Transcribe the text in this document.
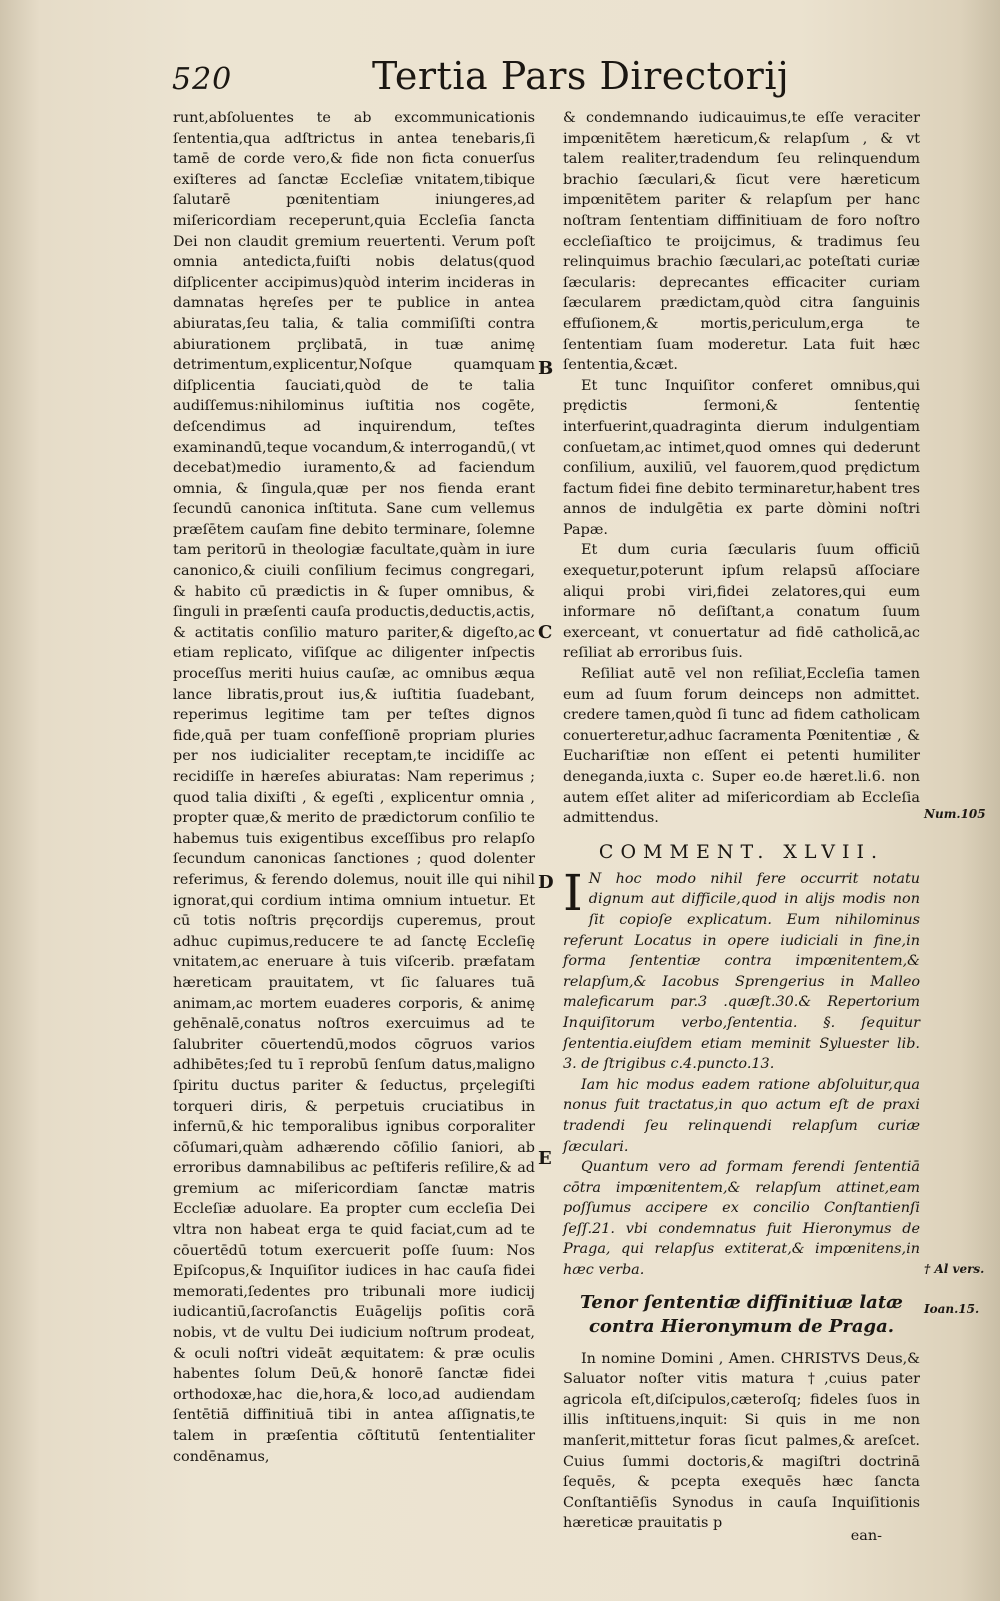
520	Tertia Pars Directorij

runt,abſoluentes te ab excommunicationis ſententia,qua adſtrictus in antea tenebaris,ſi tamē de corde vero,& fide non ficta conuerſus exiſteres ad ſanctæ Eccleſiæ vnitatem,tibique ſalutarē pœnitentiam iniungeres,ad miſericordiam receperunt,quia Eccleſia ſancta Dei non claudit gremium reuertenti. Verum poſt omnia antedicta,fuiſti nobis delatus(quod diſplicenter accipimus)quòd interim incideras in damnatas hęreſes per te publice in antea abiuratas,ſeu talia, & talia commiſiſti contra abiurationem prçlibatā, in tuæ animę detrimentum,explicentur,Noſque quamquam diſplicentia ſauciati,quòd de te talia audiſſemus:nihilominus iuſtitia nos cogēte, deſcendimus ad inquirendum, teſtes examinandū,teque vocandum,& interrogandū,( vt decebat)medio iuramento,& ad faciendum omnia, & ſingula,quæ per nos fienda erant ſecundū canonica inſtituta. Sane cum vellemus præſētem cauſam fine debito terminare, ſolemne tam peritorū in theologiæ facultate,quàm in iure canonico,& ciuili conſilium fecimus congregari, & habito cū prædictis in & ſuper omnibus, & ſinguli in præſenti cauſa productis,deductis,actis, & actitatis conſilio maturo pariter,& digeſto,ac etiam replicato, viſiſque ac diligenter inſpectis proceſſus meriti huius cauſæ, ac omnibus æqua lance libratis,prout ius,& iuſtitia ſuadebant, reperimus legitime tam per teſtes dignos fide,quā per tuam confeſſionē propriam pluries per nos iudicialiter receptam,te incidiſſe ac recidiſſe in hæreſes abiuratas: Nam reperimus ; quod talia dixiſti , & egeſti , explicentur omnia , propter quæ,& merito de prædictorum conſilio te habemus tuis exigentibus exceſſibus pro relapſo ſecundum canonicas ſanctiones ; quod dolenter referimus, & ferendo dolemus, nouit ille qui nihil ignorat,qui cordium intima omnium intuetur. Et cū totis noſtris pręcordijs cuperemus, prout adhuc cupimus,reducere te ad ſanctę Eccleſię vnitatem,ac eneruare à tuis viſcerib. præfatam hæreticam prauitatem, vt ſic ſaluares tuā animam,ac mortem euaderes corporis, & animę gehēnalē,conatus noſtros exercuimus ad te ſalubriter cōuertendū,modos cōgruos varios adhibētes;ſed tu ī reprobū ſenſum datus,maligno ſpiritu ductus pariter & ſeductus, prçelegiſti torqueri diris, & perpetuis cruciatibus in infernū,& hic temporalibus ignibus corporaliter cōſumari,quàm adhærendo cōſilio ſaniori, ab erroribus damnabilibus ac peſtiferis reſilire,& ad gremium ac miſericordiam ſanctæ matris Eccleſiæ aduolare. Ea propter cum eccleſia Dei vltra non habeat erga te quid faciat,cum ad te cōuertēdū totum exercuerit poſſe ſuum: Nos Epiſcopus,& Inquiſitor iudices in hac cauſa fidei memorati,ſedentes pro tribunali more iudicij iudicantiū,ſacroſanctis Euāgelijs poſitis corā nobis, vt de vultu Dei iudicium noſtrum prodeat, & oculi noſtri videāt æquitatem: & præ oculis habentes ſolum Deū,& honorē ſanctæ fidei orthodoxæ,hac die,hora,& loco,ad audiendam ſentētiā diffinitiuā tibi in antea aſſignatis,te talem in præſentia cōſtitutū ſententialiter condēnamus,

B
C
D
E

& condemnando iudicauimus,te eſſe veraciter impœnitētem hæreticum,& relapſum , & vt talem realiter,tradendum ſeu relinquendum brachio ſæculari,& ſicut vere hæreticum impœnitētem pariter & relapſum per hanc noſtram ſententiam diffinitiuam de foro noſtro eccleſiaſtico te proijcimus, & tradimus ſeu relinquimus brachio ſæculari,ac poteſtati curiæ ſæcularis: deprecantes efficaciter curiam ſæcularem prædictam,quòd citra ſanguinis effuſionem,& mortis,periculum,erga te ſententiam ſuam moderetur. Lata fuit hæc ſententia,&cæt.

Et tunc Inquiſitor conferet omnibus,qui prędictis ſermoni,& ſententię interfuerint,quadraginta dierum indulgentiam conſuetam,ac intimet,quod omnes qui dederunt conſilium, auxiliū, vel fauorem,quod prędictum factum fidei fine debito terminaretur,habent tres annos de indulgētia ex parte dòmini noſtri Papæ.

Et dum curia ſæcularis ſuum officiū exequetur,poterunt ipſum relapsū aſſociare aliqui probi viri,fidei zelatores,qui eum informare nō deſiſtant,a conatum ſuum exerceant, vt conuertatur ad fidē catholicā,ac reſiliat ab erroribus ſuis.

Reſiliat autē vel non reſiliat,Eccleſia tamen eum ad ſuum forum deinceps non admittet. credere tamen,quòd ſi tunc ad fidem catholicam conuerteretur,adhuc ſacramenta Pœnitentiæ , & Euchariſtiæ non eſſent ei petenti humiliter deneganda,iuxta c. Super eo.de hæret.li.6. non autem eſſet aliter ad miſericordiam ab Eccleſia admittendus.

COMMENT. XLVII.

I N hoc modo nihil fere occurrit notatu dignum aut difficile,quod in alijs modis non ſit copioſe explicatum. Eum nihilominus referunt Locatus in opere iudiciali in fine,in forma ſententiæ contra impœnitentem,& relapſum,& Iacobus Sprengerius in Malleo maleficarum par.3 .quæſt.30.& Repertorium Inquiſitorum verbo,ſententia. §. ſequitur ſententia.eiuſdem etiam meminit Syluester lib. 3. de ſtrigibus c.4.puncto.13.

Iam hic modus eadem ratione abſoluitur,qua nonus fuit tractatus,in quo actum eſt de praxi tradendi ſeu relinquendi relapſum curiæ ſæculari.

Quantum vero ad formam ferendi ſententiā cōtra impœnitentem,& relapſum attinet,eam poſſumus accipere ex concilio Conſtantienſi ſeſſ.21. vbi condemnatus fuit Hieronymus de Praga, qui relapſus extiterat,& impœnitens,in hæc verba.

Tenor ſententiæ diffinitiuæ latæ contra Hieronymum de Praga.

In nomine Domini , Amen. CHRISTVS Deus,& Saluator noſter vitis matura †,cuius pater agricola eſt,diſcipulos,cæteroſq; fideles ſuos in illis inſtituens,inquit: Si quis in me non manſerit,mittetur foras ſicut palmes,& areſcet. Cuius ſummi doctoris,& magiſtri doctrinā ſequēs, & pcepta exequēs hæc ſancta Conſtantiēſis Synodus in cauſa Inquiſitionis hæreticæ prauitatis p

Num.105
† Al vers.
Ioan.15.
ean-
